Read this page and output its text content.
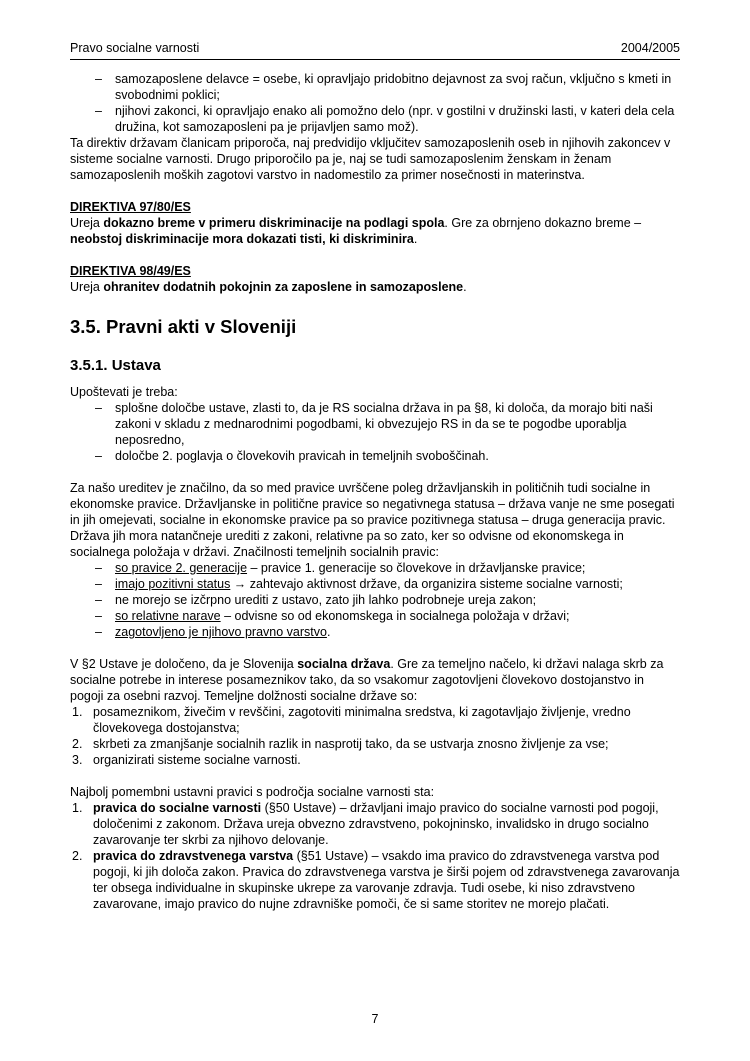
Pravo socialne varnosti	2004/2005
–	samozaposlene delavce = osebe, ki opravljajo pridobitno dejavnost za svoj račun, vključno s kmeti in svobodnimi poklici;
–	njihovi zakonci, ki opravljajo enako ali pomožno delo (npr. v gostilni v družinski lasti, v kateri dela cela družina, kot samozaposleni pa je prijavljen samo mož).

Ta direktiv državam članicam priporoča, naj predvidijo vključitev samozaposlenih oseb in njihovih zakoncev v sisteme socialne varnosti. Drugo priporočilo pa je, naj se tudi samozaposlenim ženskam in ženam samozaposlenih moških zagotovi varstvo in nadomestilo za primer nosečnosti in materinstva.

DIREKTIVA 97/80/ES

Ureja dokazno breme v primeru diskriminacije na podlagi spola. Gre za obrnjeno dokazno breme – neobstoj diskriminacije mora dokazati tisti, ki diskriminira.

DIREKTIVA 98/49/ES

Ureja ohranitev dodatnih pokojnin za zaposlene in samozaposlene.

3.5. Pravni akti v Sloveniji
3.5.1. Ustava

Upoštevati je treba:

–	splošne določbe ustave, zlasti to, da je RS socialna država in pa §8, ki določa, da morajo biti naši zakoni v skladu z mednarodnimi pogodbami, ki obvezujejo RS in da se te pogodbe uporablja neposredno,
–	določbe 2. poglavja o človekovih pravicah in temeljnih svoboščinah.

Za našo ureditev je značilno, da so med pravice uvrščene poleg državljanskih in političnih tudi socialne in ekonomske pravice. Državljanske in politične pravice so negativnega statusa – država vanje ne sme posegati in jih omejevati, socialne in ekonomske pravice pa so pravice pozitivnega statusa – druga generacija pravic. Država jih mora natančneje urediti z zakoni, relativne pa so zato, ker so odvisne od ekonomskega in socialnega položaja v državi. Značilnosti temeljnih socialnih pravic:

–	so pravice 2. generacije – pravice 1. generacije so človekove in državljanske pravice;
–	imajo pozitivni status → zahtevajo aktivnost države, da organizira sisteme socialne varnosti;
–	ne morejo se izčrpno urediti z ustavo, zato jih lahko podrobneje ureja zakon;
–	so relativne narave – odvisne so od ekonomskega in socialnega položaja v državi;
–	zagotovljeno je njihovo pravno varstvo.

V §2 Ustave je določeno, da je Slovenija socialna država. Gre za temeljno načelo, ki državi nalaga skrb za socialne potrebe in interese posameznikov tako, da so vsakomur zagotovljeni človekovo dostojanstvo in pogoji za osebni razvoj. Temeljne dolžnosti socialne države so:

1. posameznikom, živečim v revščini, zagotoviti minimalna sredstva, ki zagotavljajo življenje, vredno človekovega dostojanstva;
2. skrbeti za zmanjšanje socialnih razlik in nasprotij tako, da se ustvarja znosno življenje za vse;
3. organizirati sisteme socialne varnosti.

Najbolj pomembni ustavni pravici s področja socialne varnosti sta:

1. pravica do socialne varnosti (§50 Ustave) – državljani imajo pravico do socialne varnosti pod pogoji, določenimi z zakonom. Država ureja obvezno zdravstveno, pokojninsko, invalidsko in drugo socialno zavarovanje ter skrbi za njihovo delovanje.
2. pravica do zdravstvenega varstva (§51 Ustave) – vsakdo ima pravico do zdravstvenega varstva pod pogoji, ki jih določa zakon. Pravica do zdravstvenega varstva je širši pojem od zdravstvenega zavarovanja ter obsega individualne in skupinske ukrepe za varovanje zdravja. Tudi osebe, ki niso zdravstveno zavarovane, imajo pravico do nujne zdravniške pomoči, če si same storitev ne morejo plačati.
7
